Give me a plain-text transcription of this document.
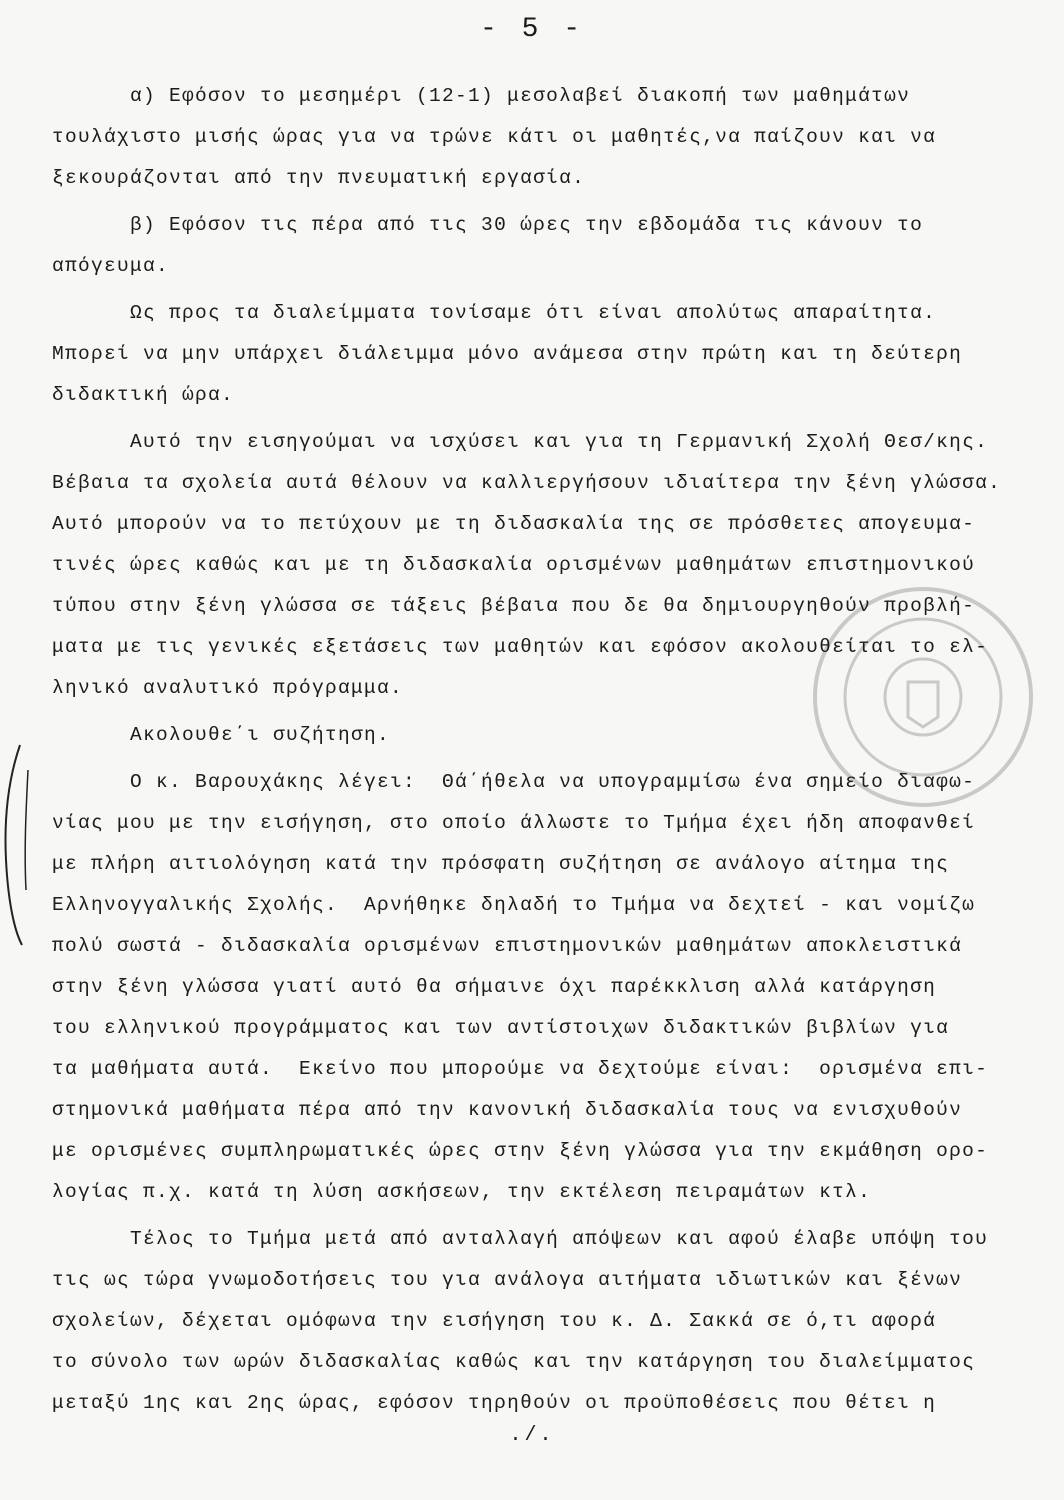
- 5 -
α) Εφόσον το μεσημέρι (12-1) μεσολαβεί διακοπή των μαθημάτων
τουλάχιστο μισής ώρας για να τρώνε κάτι οι μαθητές,να παίζουν και να
ξεκουράζονται από την πνευματική εργασία.
β) Εφόσον τις πέρα από τις 30 ώρες την εβδομάδα τις κάνουν το
απόγευμα.
Ως προς τα διαλείμματα τονίσαμε ότι είναι απολύτως απαραίτητα.
Μπορεί να μην υπάρχει διάλειμμα μόνο ανάμεσα στην πρώτη και τη δεύτερη
διδακτική ώρα.
Αυτό την εισηγούμαι να ισχύσει και για τη Γερμανική Σχολή Θεσ/κης.
Βέβαια τα σχολεία αυτά θέλουν να καλλιεργήσουν ιδιαίτερα την ξένη γλώσσα.
Αυτό μπορούν να το πετύχουν με τη διδασκαλία της σε πρόσθετες απογευμα-
τινές ώρες καθώς και με τη διδασκαλία ορισμένων μαθημάτων επιστημονικού
τύπου στην ξένη γλώσσα σε τάξεις βέβαια που δε θα δημιουργηθούν προβλή-
ματα με τις γενικές εξετάσεις των μαθητών και εφόσον ακολουθείται το ελ-
ληνικό αναλυτικό πρόγραμμα.
Ακολουθε΄ι συζήτηση.
Ο κ. Βαρουχάκης λέγει:  Θά΄ήθελα να υπογραμμίσω ένα σημείο διαφω-
νίας μου με την εισήγηση, στο οποίο άλλωστε το Τμήμα έχει ήδη αποφανθεί
με πλήρη αιτιολόγηση κατά την πρόσφατη συζήτηση σε ανάλογο αίτημα της
Ελληνογγαλικής Σχολής.  Αρνήθηκε δηλαδή το Τμήμα να δεχτεί - και νομίζω
πολύ σωστά - διδασκαλία ορισμένων επιστημονικών μαθημάτων αποκλειστικά
στην ξένη γλώσσα γιατί αυτό θα σήμαινε όχι παρέκκλιση αλλά κατάργηση
του ελληνικού προγράμματος και των αντίστοιχων διδακτικών βιβλίων για
τα μαθήματα αυτά.  Εκείνο που μπορούμε να δεχτούμε είναι:  ορισμένα επι-
στημονικά μαθήματα πέρα από την κανονική διδασκαλία τους να ενισχυθούν
με ορισμένες συμπληρωματικές ώρες στην ξένη γλώσσα για την εκμάθηση ορο-
λογίας π.χ. κατά τη λύση ασκήσεων, την εκτέλεση πειραμάτων κτλ.
Τέλος το Τμήμα μετά από ανταλλαγή απόψεων και αφού έλαβε υπόψη του
τις ως τώρα γνωμοδοτήσεις του για ανάλογα αιτήματα ιδιωτικών και ξένων
σχολείων, δέχεται ομόφωνα την εισήγηση του κ. Δ. Σακκά σε ό,τι αφορά
το σύνολο των ωρών διδασκαλίας καθώς και την κατάργηση του διαλείμματος
μεταξύ 1ης και 2ης ώρας, εφόσον τηρηθούν οι προϋποθέσεις που θέτει η
./.
